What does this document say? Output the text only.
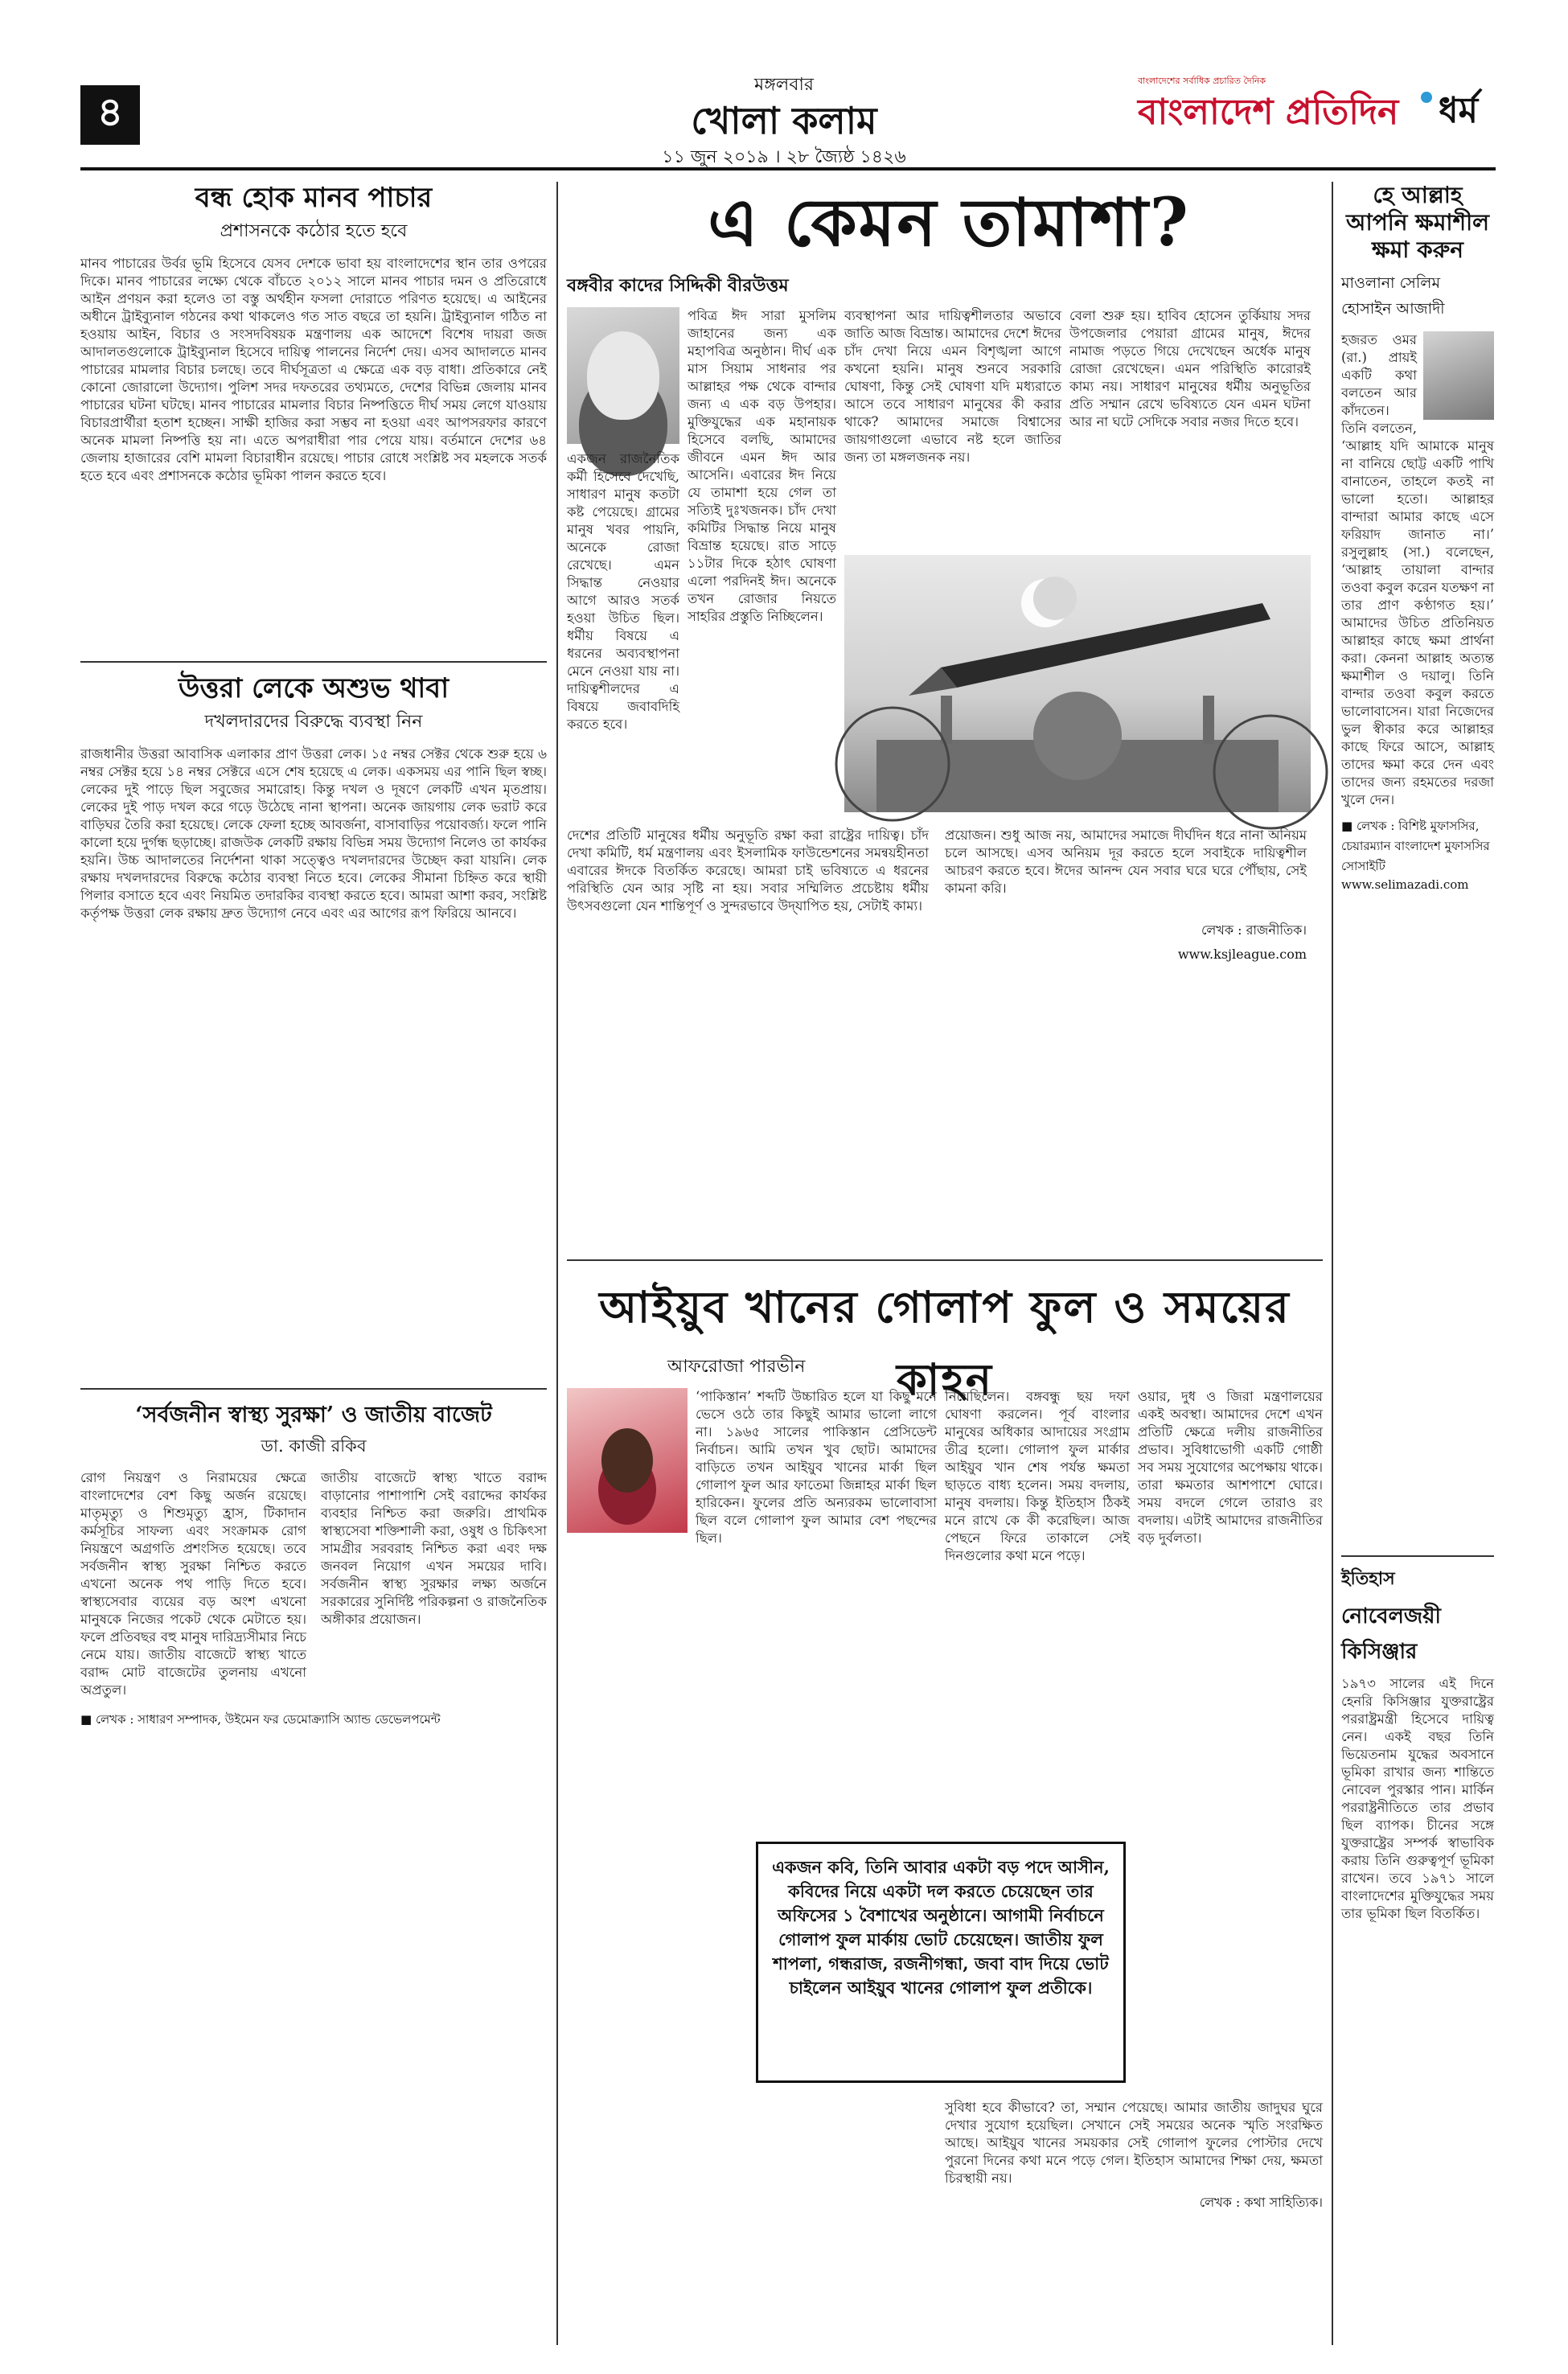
৪
মঙ্গলবার
খোলা কলাম
১১ জুন ২০১৯ । ২৮ জ্যৈষ্ঠ ১৪২৬
বাংলাদেশের সর্বাধিক প্রচারিত দৈনিক
বাংলাদেশ প্রতিদিন ধর্ম
বন্ধ হোক মানব পাচার
প্রশাসনকে কঠোর হতে হবে

মানব পাচারের উর্বর ভূমি হিসেবে যেসব দেশকে ভাবা হয় বাংলাদেশের স্থান তার ওপরের দিকে। মানব পাচারের লক্ষ্যে থেকে বাঁচতে ২০১২ সালে মানব পাচার দমন ও প্রতিরোধে আইন প্রণয়ন করা হলেও তা বস্তু অর্থহীন ফসলা দোরাতে পরিণত হয়েছে। এ আইনের অধীনে ট্রাইব্যুনাল গঠনের কথা থাকলেও গত সাত বছরে তা হয়নি। ট্রাইব্যুনাল গঠিত না হওয়ায় আইন, বিচার ও সংসদবিষয়ক মন্ত্রণালয় এক আদেশে বিশেষ দায়রা জজ আদালতগুলোকে ট্রাইব্যুনাল হিসেবে দায়িত্ব পালনের নির্দেশ দেয়। এসব আদালতে মানব পাচারের মামলার বিচার চলছে। তবে দীর্ঘসূত্রতা এ ক্ষেত্রে এক বড় বাধা। প্রতিকারে নেই কোনো জোরালো উদ্যোগ। পুলিশ সদর দফতরের তথ্যমতে, দেশের বিভিন্ন জেলায় মানব পাচারের ঘটনা ঘটছে। মানব পাচারের মামলার বিচার নিষ্পত্তিতে দীর্ঘ সময় লেগে যাওয়ায় বিচারপ্রার্থীরা হতাশ হচ্ছেন। সাক্ষী হাজির করা সম্ভব না হওয়া এবং আপসরফার কারণে অনেক মামলা নিষ্পত্তি হয় না। এতে অপরাধীরা পার পেয়ে যায়। বর্তমানে দেশের ৬৪ জেলায় হাজারের বেশি মামলা বিচারাধীন রয়েছে। পাচার রোধে সংশ্লিষ্ট সব মহলকে সতর্ক হতে হবে এবং প্রশাসনকে কঠোর ভূমিকা পালন করতে হবে।

উত্তরা লেকে অশুভ থাবা
দখলদারদের বিরুদ্ধে ব্যবস্থা নিন

রাজধানীর উত্তরা আবাসিক এলাকার প্রাণ উত্তরা লেক। ১৫ নম্বর সেক্টর থেকে শুরু হয়ে ৬ নম্বর সেক্টর হয়ে ১৪ নম্বর সেক্টরে এসে শেষ হয়েছে এ লেক। একসময় এর পানি ছিল স্বচ্ছ। লেকের দুই পাড়ে ছিল সবুজের সমারোহ। কিন্তু দখল ও দূষণে লেকটি এখন মৃতপ্রায়। লেকের দুই পাড় দখল করে গড়ে উঠেছে নানা স্থাপনা। অনেক জায়গায় লেক ভরাট করে বাড়িঘর তৈরি করা হয়েছে। লেকে ফেলা হচ্ছে আবর্জনা, বাসাবাড়ির পয়োবর্জ্য। ফলে পানি কালো হয়ে দুর্গন্ধ ছড়াচ্ছে। রাজউক লেকটি রক্ষায় বিভিন্ন সময় উদ্যোগ নিলেও তা কার্যকর হয়নি। উচ্চ আদালতের নির্দেশনা থাকা সত্ত্বেও দখলদারদের উচ্ছেদ করা যায়নি। লেক রক্ষায় দখলদারদের বিরুদ্ধে কঠোর ব্যবস্থা নিতে হবে। লেকের সীমানা চিহ্নিত করে স্থায়ী পিলার বসাতে হবে এবং নিয়মিত তদারকির ব্যবস্থা করতে হবে। আমরা আশা করব, সংশ্লিষ্ট কর্তৃপক্ষ উত্তরা লেক রক্ষায় দ্রুত উদ্যোগ নেবে এবং এর আগের রূপ ফিরিয়ে আনবে।

‘সর্বজনীন স্বাস্থ্য সুরক্ষা’ ও জাতীয় বাজেট
ডা. কাজী রকিব

রোগ নিয়ন্ত্রণ ও নিরাময়ের ক্ষেত্রে বাংলাদেশের বেশ কিছু অর্জন রয়েছে। মাতৃমৃত্যু ও শিশুমৃত্যু হ্রাস, টিকাদান কর্মসূচির সাফল্য এবং সংক্রামক রোগ নিয়ন্ত্রণে অগ্রগতি প্রশংসিত হয়েছে। তবে সর্বজনীন স্বাস্থ্য সুরক্ষা নিশ্চিত করতে এখনো অনেক পথ পাড়ি দিতে হবে। স্বাস্থ্যসেবার ব্যয়ের বড় অংশ এখনো মানুষকে নিজের পকেট থেকে মেটাতে হয়। ফলে প্রতিবছর বহু মানুষ দারিদ্র্যসীমার নিচে নেমে যায়। জাতীয় বাজেটে স্বাস্থ্য খাতে বরাদ্দ মোট বাজেটের তুলনায় এখনো অপ্রতুল।

জাতীয় বাজেটে স্বাস্থ্য খাতে বরাদ্দ বাড়ানোর পাশাপাশি সেই বরাদ্দের কার্যকর ব্যবহার নিশ্চিত করা জরুরি। প্রাথমিক স্বাস্থ্যসেবা শক্তিশালী করা, ওষুধ ও চিকিৎসা সামগ্রীর সরবরাহ নিশ্চিত করা এবং দক্ষ জনবল নিয়োগ এখন সময়ের দাবি। সর্বজনীন স্বাস্থ্য সুরক্ষার লক্ষ্য অর্জনে সরকারের সুনির্দিষ্ট পরিকল্পনা ও রাজনৈতিক অঙ্গীকার প্রয়োজন।

■ লেখক : সাধারণ সম্পাদক, উইমেন ফর ডেমোক্র্যাসি অ্যান্ড ডেভেলপমেন্ট

এ কেমন তামাশা?
বঙ্গবীর কাদের সিদ্দিকী বীরউত্তম

পবিত্র ঈদ সারা মুসলিম জাহানের জন্য এক মহাপবিত্র অনুষ্ঠান। দীর্ঘ এক মাস সিয়াম সাধনার পর আল্লাহর পক্ষ থেকে বান্দার জন্য এ এক বড় উপহার। মুক্তিযুদ্ধের এক মহানায়ক হিসেবে বলছি, আমাদের জীবনে এমন ঈদ আর আসেনি। এবারের ঈদ নিয়ে যে তামাশা হয়ে গেল তা সত্যিই দুঃখজনক। চাঁদ দেখা কমিটির সিদ্ধান্ত নিয়ে মানুষ বিভ্রান্ত হয়েছে। রাত সাড়ে ১১টার দিকে হঠাৎ ঘোষণা এলো পরদিনই ঈদ। অনেকে তখন রোজার নিয়তে সাহরির প্রস্তুতি নিচ্ছিলেন।

একজন রাজনৈতিক কর্মী হিসেবে দেখেছি, সাধারণ মানুষ কতটা কষ্ট পেয়েছে। গ্রামের মানুষ খবর পায়নি, অনেকে রোজা রেখেছে। এমন সিদ্ধান্ত নেওয়ার আগে আরও সতর্ক হওয়া উচিত ছিল। ধর্মীয় বিষয়ে এ ধরনের অব্যবস্থাপনা মেনে নেওয়া যায় না। দায়িত্বশীলদের এ বিষয়ে জবাবদিহি করতে হবে।

ব্যবস্থাপনা আর দায়িত্বশীলতার অভাবে জাতি আজ বিভ্রান্ত। আমাদের দেশে ঈদের চাঁদ দেখা নিয়ে এমন বিশৃঙ্খলা আগে কখনো হয়নি। মানুষ শুনবে সরকারি ঘোষণা, কিন্তু সেই ঘোষণা যদি মধ্যরাতে আসে তবে সাধারণ মানুষের কী করার থাকে? আমাদের সমাজে বিশ্বাসের জায়গাগুলো এভাবে নষ্ট হলে জাতির জন্য তা মঙ্গলজনক নয়।

বেলা শুরু হয়। হাবিব হোসেন তুর্কিয়ায় সদর উপজেলার পেয়ারা গ্রামের মানুষ, ঈদের নামাজ পড়তে গিয়ে দেখেছেন অর্ধেক মানুষ রোজা রেখেছেন। এমন পরিস্থিতি কারোরই কাম্য নয়। সাধারণ মানুষের ধর্মীয় অনুভূতির প্রতি সম্মান রেখে ভবিষ্যতে যেন এমন ঘটনা আর না ঘটে সেদিকে সবার নজর দিতে হবে।

দেশের প্রতিটি মানুষের ধর্মীয় অনুভূতি রক্ষা করা রাষ্ট্রের দায়িত্ব। চাঁদ দেখা কমিটি, ধর্ম মন্ত্রণালয় এবং ইসলামিক ফাউন্ডেশনের সমন্বয়হীনতা এবারের ঈদকে বিতর্কিত করেছে। আমরা চাই ভবিষ্যতে এ ধরনের পরিস্থিতি যেন আর সৃষ্টি না হয়। সবার সম্মিলিত প্রচেষ্টায় ধর্মীয় উৎসবগুলো যেন শান্তিপূর্ণ ও সুন্দরভাবে উদ্‌যাপিত হয়, সেটাই কাম্য।

প্রয়োজন। শুধু আজ নয়, আমাদের সমাজে দীর্ঘদিন ধরে নানা অনিয়ম চলে আসছে। এসব অনিয়ম দূর করতে হলে সবাইকে দায়িত্বশীল আচরণ করতে হবে। ঈদের আনন্দ যেন সবার ঘরে ঘরে পৌঁছায়, সেই কামনা করি।

লেখক : রাজনীতিক।

www.ksjleague.com

আইয়ুব খানের গোলাপ ফুল ও সময়ের কাহন
আফরোজা পারভীন

‘পাকিস্তান’ শব্দটি উচ্চারিত হলে যা কিছু মনে ভেসে ওঠে তার কিছুই আমার ভালো লাগে না। ১৯৬৫ সালের পাকিস্তান প্রেসিডেন্ট নির্বাচন। আমি তখন খুব ছোট। আমাদের বাড়িতে তখন আইয়ুব খানের মার্কা ছিল গোলাপ ফুল আর ফাতেমা জিন্নাহর মার্কা ছিল হারিকেন। ফুলের প্রতি অন্যরকম ভালোবাসা ছিল বলে গোলাপ ফুল আমার বেশ পছন্দের ছিল।

নিয়েছিলেন। বঙ্গবন্ধু ছয় দফা ঘোষণা করলেন। পূর্ব বাংলার মানুষের অধিকার আদায়ের সংগ্রাম তীব্র হলো। গোলাপ ফুল মার্কার আইয়ুব খান শেষ পর্যন্ত ক্ষমতা ছাড়তে বাধ্য হলেন। সময় বদলায়, মানুষ বদলায়। কিন্তু ইতিহাস ঠিকই মনে রাখে কে কী করেছিল। আজ পেছনে ফিরে তাকালে সেই দিনগুলোর কথা মনে পড়ে।

ওয়ার, দুধ ও জিরা মন্ত্রণালয়ের একই অবস্থা। আমাদের দেশে এখন প্রতিটি ক্ষেত্রে দলীয় রাজনীতির প্রভাব। সুবিধাভোগী একটি গোষ্ঠী সব সময় সুযোগের অপেক্ষায় থাকে। তারা ক্ষমতার আশপাশে ঘোরে। সময় বদলে গেলে তারাও রং বদলায়। এটাই আমাদের রাজনীতির বড় দুর্বলতা।

একজন কবি, তিনি আবার একটা বড় পদে আসীন, কবিদের নিয়ে একটা দল করতে চেয়েছেন তার অফিসের ১ বৈশাখের অনুষ্ঠানে। আগামী নির্বাচনে গোলাপ ফুল মার্কায় ভোট চেয়েছেন। জাতীয় ফুল শাপলা, গন্ধরাজ, রজনীগন্ধা, জবা বাদ দিয়ে ভোট চাইলেন আইয়ুব খানের গোলাপ ফুল প্রতীকে।

সুবিধা হবে কীভাবে? তা, সম্মান পেয়েছে। আমার জাতীয় জাদুঘর ঘুরে দেখার সুযোগ হয়েছিল। সেখানে সেই সময়ের অনেক স্মৃতি সংরক্ষিত আছে। আইয়ুব খানের সময়কার সেই গোলাপ ফুলের পোস্টার দেখে পুরনো দিনের কথা মনে পড়ে গেল। ইতিহাস আমাদের শিক্ষা দেয়, ক্ষমতা চিরস্থায়ী নয়।

লেখক : কথা সাহিত্যিক।

হে আল্লাহ আপনি ক্ষমাশীল ক্ষমা করুন
মাওলানা সেলিম হোসাইন আজাদী

হজরত ওমর (রা.) প্রায়ই একটি কথা বলতেন আর কাঁদতেন। তিনি বলতেন, ‘আল্লাহ যদি আমাকে মানুষ না বানিয়ে ছোট্ট একটি পাখি বানাতেন, তাহলে কতই না ভালো হতো। আল্লাহর বান্দারা আমার কাছে এসে ফরিয়াদ জানাত না।’ রসুলুল্লাহ (সা.) বলেছেন, ‘আল্লাহ তায়ালা বান্দার তওবা কবুল করেন যতক্ষণ না তার প্রাণ কণ্ঠাগত হয়।’ আমাদের উচিত প্রতিনিয়ত আল্লাহর কাছে ক্ষমা প্রার্থনা করা। কেননা আল্লাহ অত্যন্ত ক্ষমাশীল ও দয়ালু। তিনি বান্দার তওবা কবুল করতে ভালোবাসেন। যারা নিজেদের ভুল স্বীকার করে আল্লাহর কাছে ফিরে আসে, আল্লাহ তাদের ক্ষমা করে দেন এবং তাদের জন্য রহমতের দরজা খুলে দেন।

■ লেখক : বিশিষ্ট মুফাসসির, চেয়ারম্যান বাংলাদেশ মুফাসসির সোসাইটি

www.selimazadi.com

ইতিহাস
নোবেলজয়ী কিসিঞ্জার

১৯৭৩ সালের এই দিনে হেনরি কিসিঞ্জার যুক্তরাষ্ট্রের পররাষ্ট্রমন্ত্রী হিসেবে দায়িত্ব নেন। একই বছর তিনি ভিয়েতনাম যুদ্ধের অবসানে ভূমিকা রাখার জন্য শান্তিতে নোবেল পুরস্কার পান। মার্কিন পররাষ্ট্রনীতিতে তার প্রভাব ছিল ব্যাপক। চীনের সঙ্গে যুক্তরাষ্ট্রের সম্পর্ক স্বাভাবিক করায় তিনি গুরুত্বপূর্ণ ভূমিকা রাখেন। তবে ১৯৭১ সালে বাংলাদেশের মুক্তিযুদ্ধের সময় তার ভূমিকা ছিল বিতর্কিত।
